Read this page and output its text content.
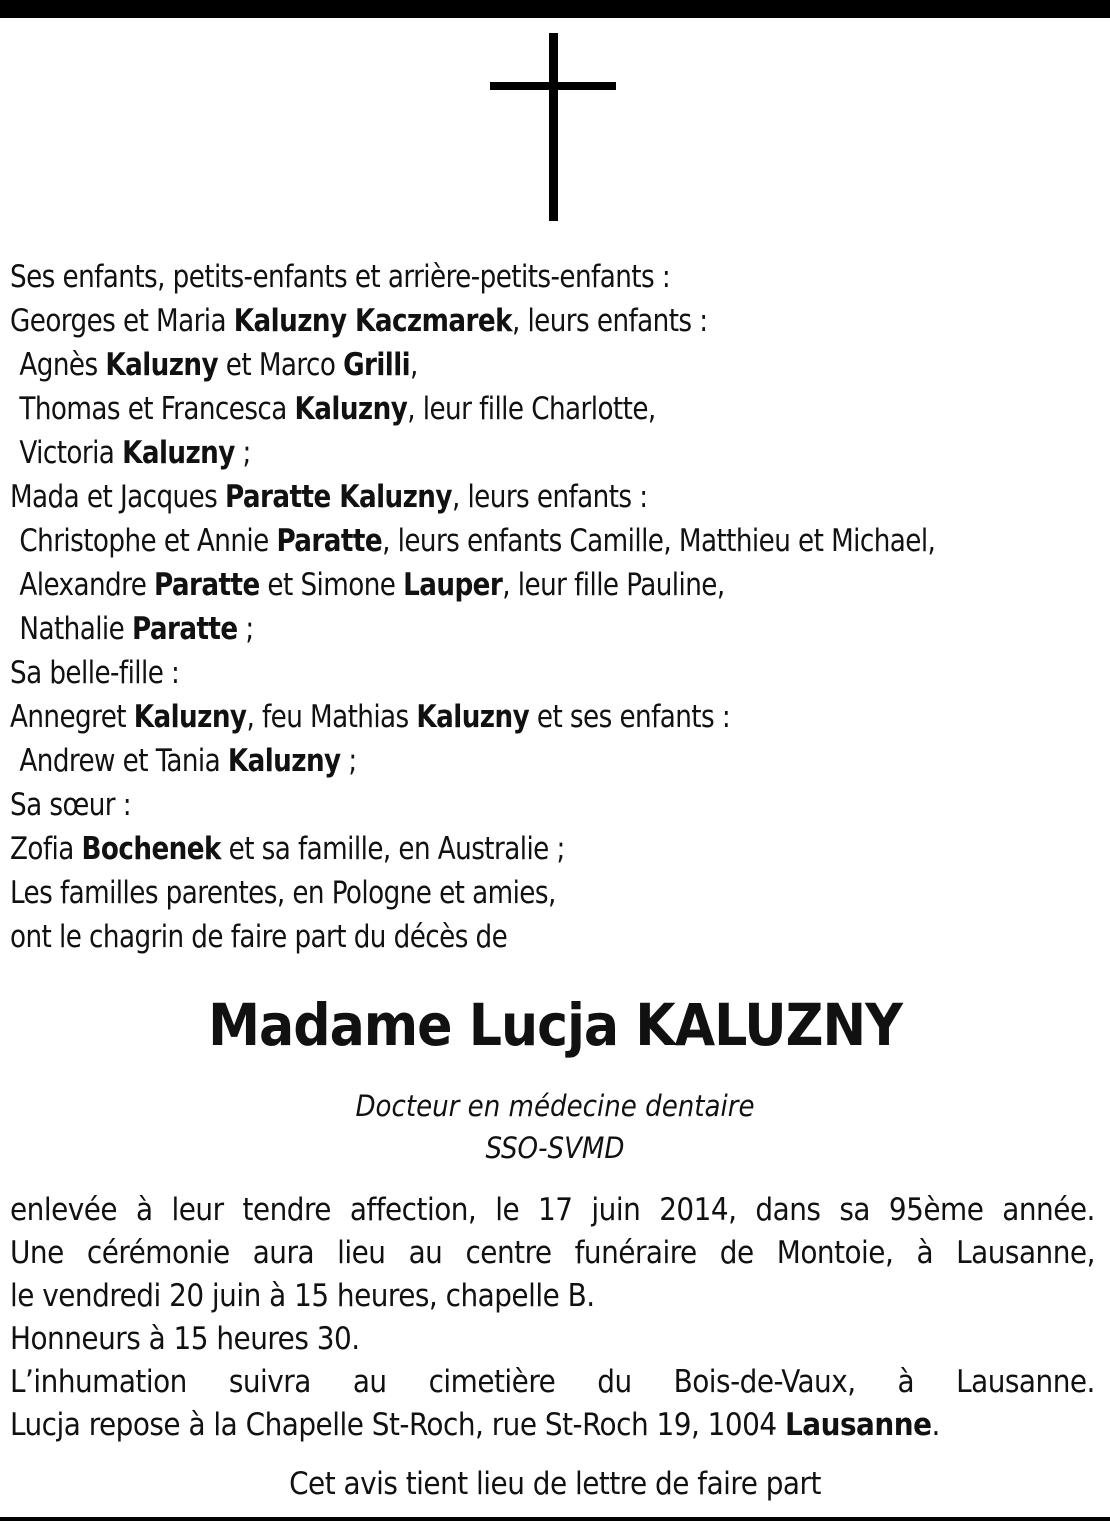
Ses enfants, petits-enfants et arrière-petits-enfants :
Georges et Maria Kaluzny Kaczmarek, leurs enfants :
Agnès Kaluzny et Marco Grilli,
Thomas et Francesca Kaluzny, leur fille Charlotte,
Victoria Kaluzny ;
Mada et Jacques Paratte Kaluzny, leurs enfants :
Christophe et Annie Paratte, leurs enfants Camille, Matthieu et Michael,
Alexandre Paratte et Simone Lauper, leur fille Pauline,
Nathalie Paratte ;
Sa belle-fille :
Annegret Kaluzny, feu Mathias Kaluzny et ses enfants :
Andrew et Tania Kaluzny ;
Sa sœur :
Zofia Bochenek et sa famille, en Australie ;
Les familles parentes, en Pologne et amies,
ont le chagrin de faire part du décès de
Madame Lucja KALUZNY
Docteur en médecine dentaire
SSO-SVMD

enlevée à leur tendre affection, le 17 juin 2014, dans sa 95ème année.

Une cérémonie aura lieu au centre funéraire de Montoie, à Lausanne,

le vendredi 20 juin à 15 heures, chapelle B.

Honneurs à 15 heures 30.

L’inhumation suivra au cimetière du Bois-de-Vaux, à Lausanne.

Lucja repose à la Chapelle St-Roch, rue St-Roch 19, 1004 Lausanne.

Cet avis tient lieu de lettre de faire part
